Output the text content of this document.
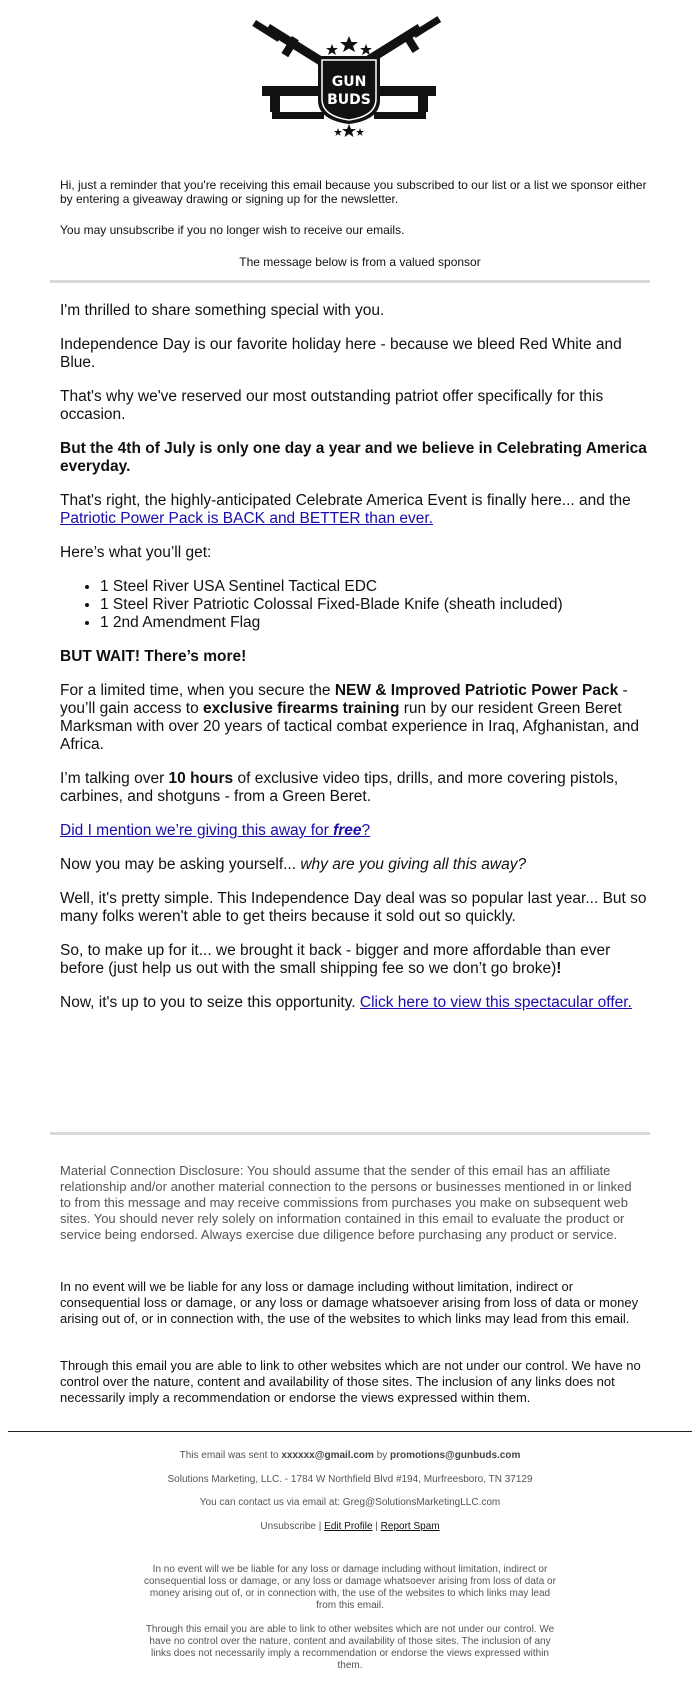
GUN
BUDS

Hi, just a reminder that you're receiving this email because you subscribed to our list or a list we sponsor either by entering a giveaway drawing or signing up for the newsletter.

You may unsubscribe if you no longer wish to receive our emails.

The message below is from a valued sponsor

I'm thrilled to share something special with you.

Independence Day is our favorite holiday here - because we bleed Red White and Blue.

That's why we've reserved our most outstanding patriot offer specifically for this occasion.

But the 4th of July is only one day a year and we believe in Celebrating America everyday.

That's right, the highly-anticipated Celebrate America Event is finally here... and the Patriotic Power Pack is BACK and BETTER than ever.

Here’s what you’ll get:

• 1 Steel River USA Sentinel Tactical EDC
• 1 Steel River Patriotic Colossal Fixed-Blade Knife (sheath included)
• 1 2nd Amendment Flag

BUT WAIT! There’s more!

For a limited time, when you secure the NEW & Improved Patriotic Power Pack - you’ll gain access to exclusive firearms training run by our resident Green Beret Marksman with over 20 years of tactical combat experience in Iraq, Afghanistan, and Africa.

I’m talking over 10 hours of exclusive video tips, drills, and more covering pistols, carbines, and shotguns - from a Green Beret.

Did I mention we’re giving this away for free?

Now you may be asking yourself... why are you giving all this away?

Well, it's pretty simple. This Independence Day deal was so popular last year... But so many folks weren't able to get theirs because it sold out so quickly.

So, to make up for it... we brought it back - bigger and more affordable than ever before (just help us out with the small shipping fee so we don’t go broke)!

Now, it's up to you to seize this opportunity. Click here to view this spectacular offer.

Material Connection Disclosure: You should assume that the sender of this email has an affiliate relationship and/or another material connection to the persons or businesses mentioned in or linked to from this message and may receive commissions from purchases you make on subsequent web sites. You should never rely solely on information contained in this email to evaluate the product or service being endorsed. Always exercise due diligence before purchasing any product or service.

In no event will we be liable for any loss or damage including without limitation, indirect or consequential loss or damage, or any loss or damage whatsoever arising from loss of data or money arising out of, or in connection with, the use of the websites to which links may lead from this email.

Through this email you are able to link to other websites which are not under our control. We have no control over the nature, content and availability of those sites. The inclusion of any links does not necessarily imply a recommendation or endorse the views expressed within them.

This email was sent to xxxxxx@gmail.com by promotions@gunbuds.com

Solutions Marketing, LLC. - 1784 W Northfield Blvd #194, Murfreesboro, TN 37129

You can contact us via email at: Greg@SolutionsMarketingLLC.com

Unsubscribe | Edit Profile | Report Spam

In no event will we be liable for any loss or damage including without limitation, indirect or consequential loss or damage, or any loss or damage whatsoever arising from loss of data or money arising out of, or in connection with, the use of the websites to which links may lead from this email.

Through this email you are able to link to other websites which are not under our control. We have no control over the nature, content and availability of those sites. The inclusion of any links does not necessarily imply a recommendation or endorse the views expressed within them.
